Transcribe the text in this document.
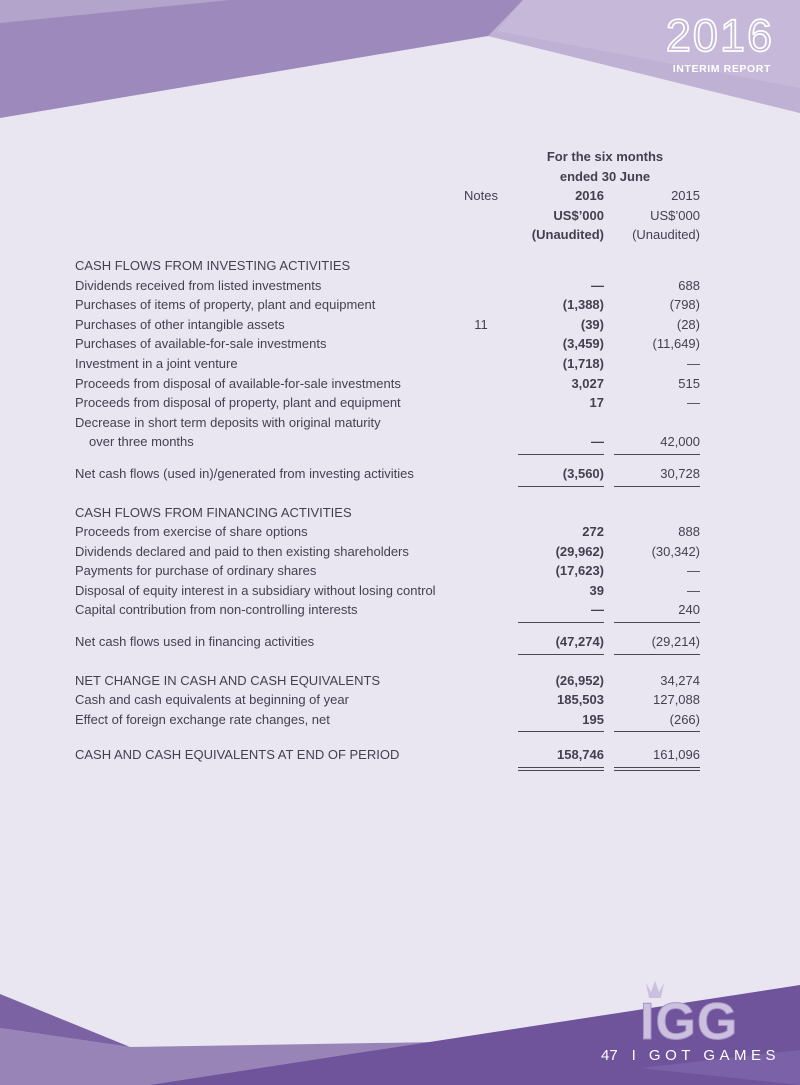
2016
INTERIM REPORT
For the six months
ended 30 June
Notes	2016	2015
US$’000	US$’000
(Unaudited)	(Unaudited)
CASH FLOWS FROM INVESTING ACTIVITIES
Dividends received from listed investments	—	688
Purchases of items of property, plant and equipment	(1,388)	(798)
Purchases of other intangible assets	11	(39)	(28)
Purchases of available-for-sale investments	(3,459)	(11,649)
Investment in a joint venture	(1,718)	—
Proceeds from disposal of available-for-sale investments	3,027	515
Proceeds from disposal of property, plant and equipment	17	—
Decrease in short term deposits with original maturity
over three months	—	42,000
Net cash flows (used in)/generated from investing activities	(3,560)	30,728
CASH FLOWS FROM FINANCING ACTIVITIES
Proceeds from exercise of share options	272	888
Dividends declared and paid to then existing shareholders	(29,962)	(30,342)
Payments for purchase of ordinary shares	(17,623)	—
Disposal of equity interest in a subsidiary without losing control	39	—
Capital contribution from non-controlling interests	—	240
Net cash flows used in financing activities	(47,274)	(29,214)
NET CHANGE IN CASH AND CASH EQUIVALENTS	(26,952)	34,274
Cash and cash equivalents at beginning of year	185,503	127,088
Effect of foreign exchange rate changes, net	195	(266)
CASH AND CASH EQUIVALENTS AT END OF PERIOD	158,746	161,096
IGG
47 I GOT GAMES
